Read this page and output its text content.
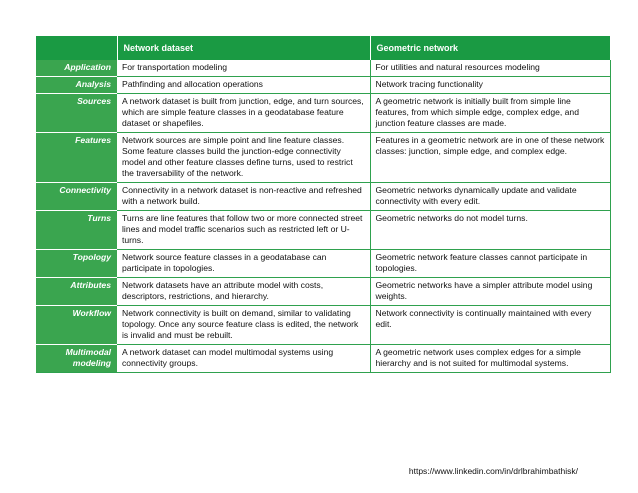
	Network dataset	Geometric network
Application	For transportation modeling	For utilities and natural resources modeling
Analysis	Pathfinding and allocation operations	Network tracing functionality
Sources	A network dataset is built from junction, edge, and turn sources, which are simple feature classes in a geodatabase feature dataset or shapefiles.	A geometric network is initially built from simple line features, from which simple edge, complex edge, and junction feature classes are made.
Features	Network sources are simple point and line feature classes. Some feature classes build the junction-edge connectivity model and other feature classes define turns, used to restrict the traversability of the network.	Features in a geometric network are in one of these network classes: junction, simple edge, and complex edge.
Connectivity	Connectivity in a network dataset is non-reactive and refreshed with a network build.	Geometric networks dynamically update and validate connectivity with every edit.
Turns	Turns are line features that follow two or more connected street lines and model traffic scenarios such as restricted left or U-turns.	Geometric networks do not model turns.
Topology	Network source feature classes in a geodatabase can participate in topologies.	Geometric network feature classes cannot participate in topologies.
Attributes	Network datasets have an attribute model with costs, descriptors, restrictions, and hierarchy.	Geometric networks have a simpler attribute model using weights.
Workflow	Network connectivity is built on demand, similar to validating topology. Once any source feature class is edited, the network is invalid and must be rebuilt.	Network connectivity is continually maintained with every edit.
Multimodal modeling	A network dataset can model multimodal systems using connectivity groups.	A geometric network uses complex edges for a simple hierarchy and is not suited for multimodal systems.
https://www.linkedin.com/in/drlbrahimbathisk/
